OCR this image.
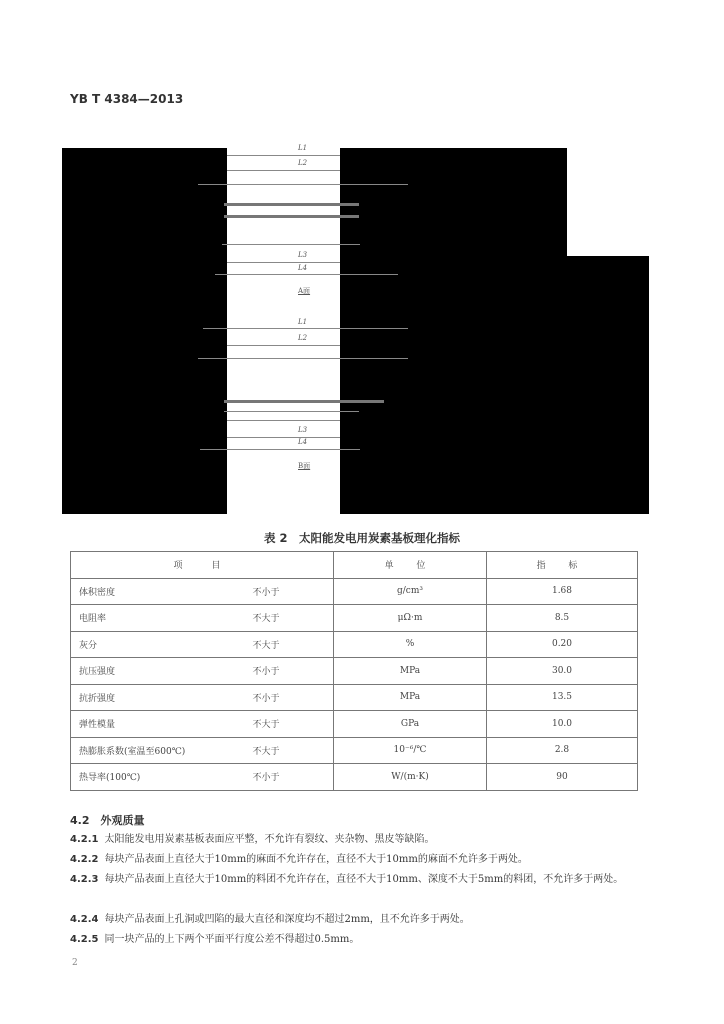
YB T 4384—2013
L1
L2
L3
L4
A面
L1
L2
L3
L4
B面
图 1　太阳能发
表 2　太阳能发电用炭素基板理化指标
项　目		单 位	指 标
体积密度	不小于	g/cm³	1.68
电阻率	不大于	μΩ·m	8.5
灰分	不大于	%	0.20
抗压强度	不小于	MPa	30.0
抗折强度	不小于	MPa	13.5
弹性模量	不大于	GPa	10.0
热膨胀系数(室温至600℃)	不大于	10⁻⁶/℃	2.8
热导率(100℃)	不小于	W/(m·K)	90
4.2　外观质量
4.2.1 太阳能发电用炭素基板表面应平整，不允许有裂纹、夹杂物、黑皮等缺陷。
4.2.2 每块产品表面上直径大于10mm的麻面不允许存在，直径不大于10mm的麻面不允许多于两处。
4.2.3 每块产品表面上直径大于10mm的料团不允许存在，直径不大于10mm、深度不大于5mm的料团，不允许多于两处。
4.2.4 每块产品表面上孔洞或凹陷的最大直径和深度均不超过2mm，且不允许多于两处。
4.2.5 同一块产品的上下两个平面平行度公差不得超过0.5mm。
2
